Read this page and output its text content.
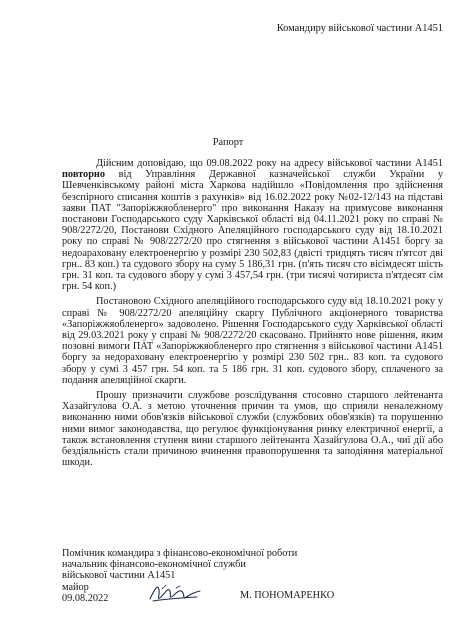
Командиру військової частини А1451
Рапорт

Дійсним доповідаю, що 09.08.2022 року на адресу військової частини А1451 повторно від Управління Державної казначейської служби України у Шевченківському районі міста Харкова надійшло «Повідомлення про здійснення безспірного списання коштів з рахунків» від 16.02.2022 року №02-12/143 на підставі заяви ПАТ "Запоріжжяобленерго" про виконання Наказу на примусове виконання постанови Господарського суду Харківської області від 04.11.2021 року по справі № 908/2272/20, Постанови Східного Апеляційного господарського суду від 18.10.2021 року по справі № 908/2272/20 про стягнення з військової частини А1451 боргу за недоараховану електроенергію у розмірі 230 502,83 (двісті тридцять тисяч п'ятсот дві грн.. 83 коп.) та судового збору на суму 5 186,31 грн. (п'ять тисяч сто вісімдесят шість грн. 31 коп. та судового збору у сумі 3 457,54 грн. (три тисячі чотириста п'ятдесят сім грн. 54 коп.)

Постановою Східного апеляційного господарського суду від 18.10.2021 року у справі № 908/2272/20 апеляційну скаргу Публічного акціонерного товариства «Запоріжжяобленерго» задоволено. Рішення Господарського суду Харківської області від 29.03.2021 року у справі № 908/2272/20 скасовано. Прийнято нове рішення, яким позовні вимоги ПАТ «Запоріжжяобленерго про стягнення з військової частини А1451 боргу за недораховану електроенергію у розмірі 230 502 грн.. 83 коп. та судового збору у сумі 3 457 грн. 54 коп. та 5 186 грн. 31 коп. судового збору, сплаченого за подання апеляційної скарги.

Прошу призначити службове розслідування стосовно старшого лейтенанта Хазайгулова О.А. з метою уточнення причин та умов, що сприяли неналежному виконанню ними обов'язків військової служби (службових обов'язків) та порушенню ними вимог законодавства, що регулює функціонування ринку електричної енергії, а також встановлення ступеня вини старшого лейтенанта Хазайгулова О.А., чиї дії або бездіяльність стали причиною вчинення правопорушення та заподіяння матеріальної шкоди.

Помічник командира з фінансово-економічної роботи
начальник фінансово-економічної служби
військової частини А1451
майор
09.08.2022	М. ПОНОМАРЕНКО
